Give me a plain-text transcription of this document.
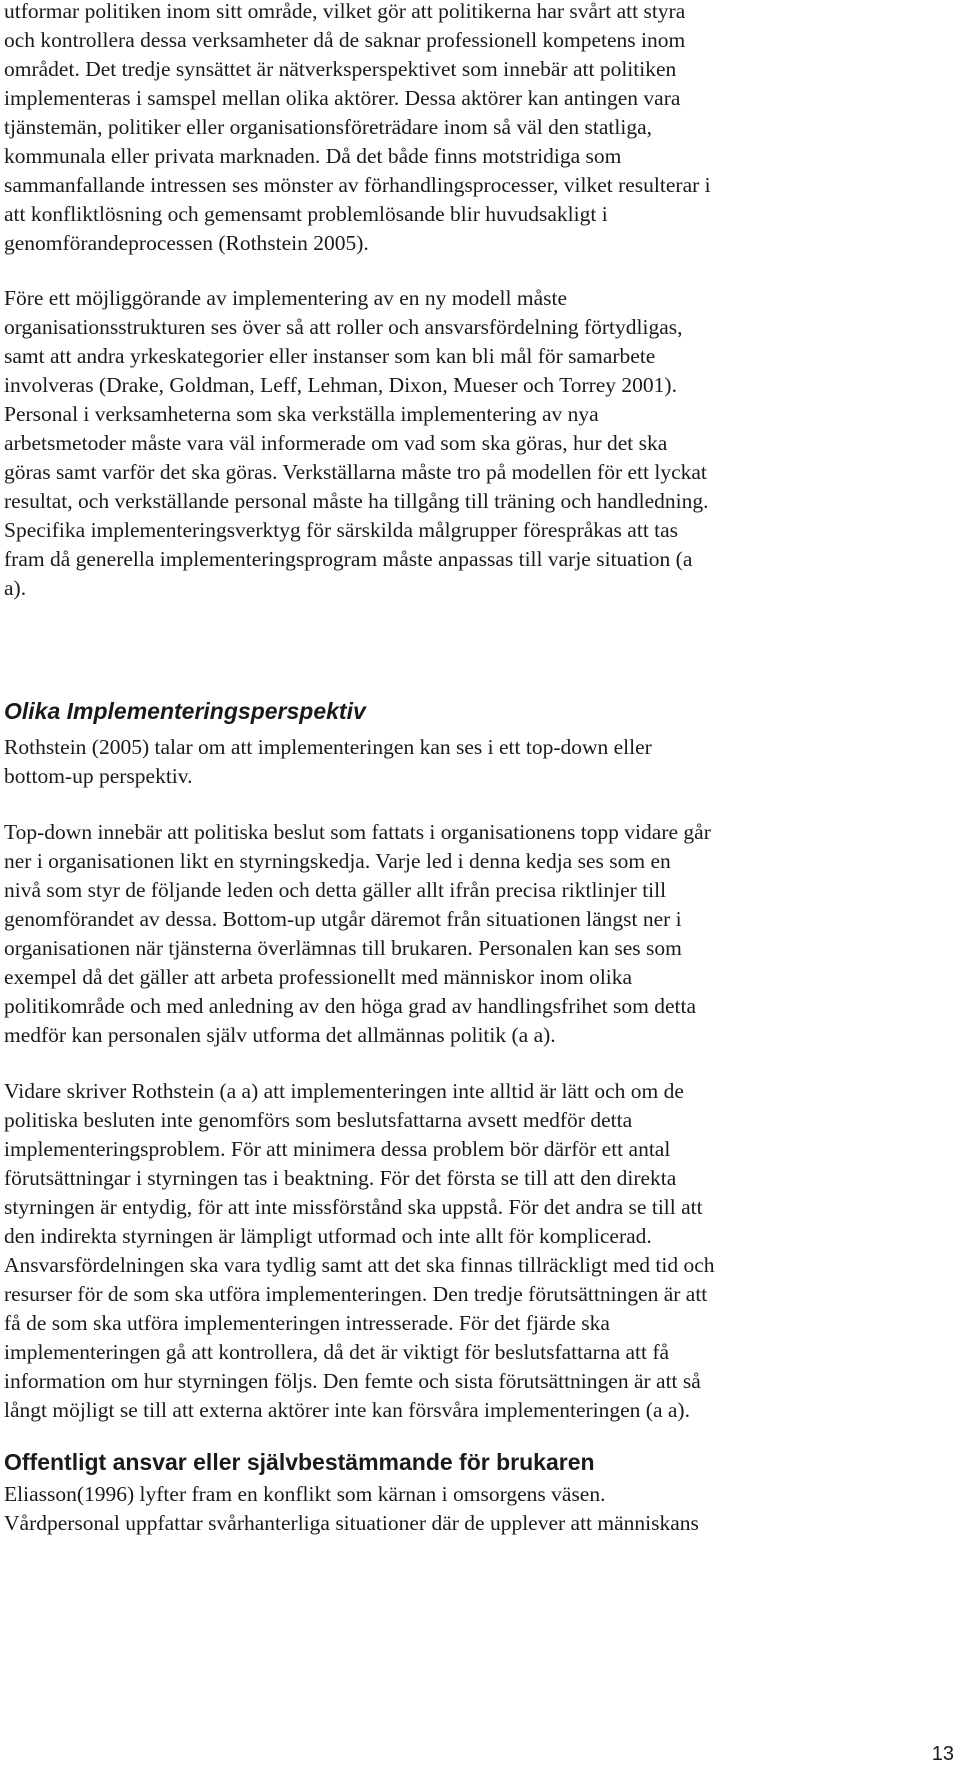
utformar politiken inom sitt område, vilket gör att politikerna har svårt att styra
och kontrollera dessa verksamheter då de saknar professionell kompetens inom
området. Det tredje synsättet är nätverksperspektivet som innebär att politiken
implementeras i samspel mellan olika aktörer. Dessa aktörer kan antingen vara
tjänstemän, politiker eller organisationsföreträdare inom så väl den statliga,
kommunala eller privata marknaden. Då det både finns motstridiga som
sammanfallande intressen ses mönster av förhandlingsprocesser, vilket resulterar i
att konfliktlösning och gemensamt problemlösande blir huvudsakligt i
genomförandeprocessen (Rothstein 2005).

Före ett möjliggörande av implementering av en ny modell måste
organisationsstrukturen ses över så att roller och ansvarsfördelning förtydligas,
samt att andra yrkeskategorier eller instanser som kan bli mål för samarbete
involveras (Drake, Goldman, Leff, Lehman, Dixon, Mueser och Torrey 2001).
Personal i verksamheterna som ska verkställa implementering av nya
arbetsmetoder måste vara väl informerade om vad som ska göras, hur det ska
göras samt varför det ska göras. Verkställarna måste tro på modellen för ett lyckat
resultat, och verkställande personal måste ha tillgång till träning och handledning.
Specifika implementeringsverktyg för särskilda målgrupper förespråkas att tas
fram då generella implementeringsprogram måste anpassas till varje situation (a
a).

Olika Implementeringsperspektiv

Rothstein (2005) talar om att implementeringen kan ses i ett top-down eller
bottom-up perspektiv.

Top-down innebär att politiska beslut som fattats i organisationens topp vidare går
ner i organisationen likt en styrningskedja. Varje led i denna kedja ses som en
nivå som styr de följande leden och detta gäller allt ifrån precisa riktlinjer till
genomförandet av dessa. Bottom-up utgår däremot från situationen längst ner i
organisationen när tjänsterna överlämnas till brukaren. Personalen kan ses som
exempel då det gäller att arbeta professionellt med människor inom olika
politikområde och med anledning av den höga grad av handlingsfrihet som detta
medför kan personalen själv utforma det allmännas politik (a a).

Vidare skriver Rothstein (a a) att implementeringen inte alltid är lätt och om de
politiska besluten inte genomförs som beslutsfattarna avsett medför detta
implementeringsproblem. För att minimera dessa problem bör därför ett antal
förutsättningar i styrningen tas i beaktning. För det första se till att den direkta
styrningen är entydig, för att inte missförstånd ska uppstå. För det andra se till att
den indirekta styrningen är lämpligt utformad och inte allt för komplicerad.
Ansvarsfördelningen ska vara tydlig samt att det ska finnas tillräckligt med tid och
resurser för de som ska utföra implementeringen. Den tredje förutsättningen är att
få de som ska utföra implementeringen intresserade. För det fjärde ska
implementeringen gå att kontrollera, då det är viktigt för beslutsfattarna att få
information om hur styrningen följs. Den femte och sista förutsättningen är att så
långt möjligt se till att externa aktörer inte kan försvåra implementeringen (a a).

Offentligt ansvar eller självbestämmande för brukaren

Eliasson(1996) lyfter fram en konflikt som kärnan i omsorgens väsen.
Vårdpersonal uppfattar svårhanterliga situationer där de upplever att människans

13
